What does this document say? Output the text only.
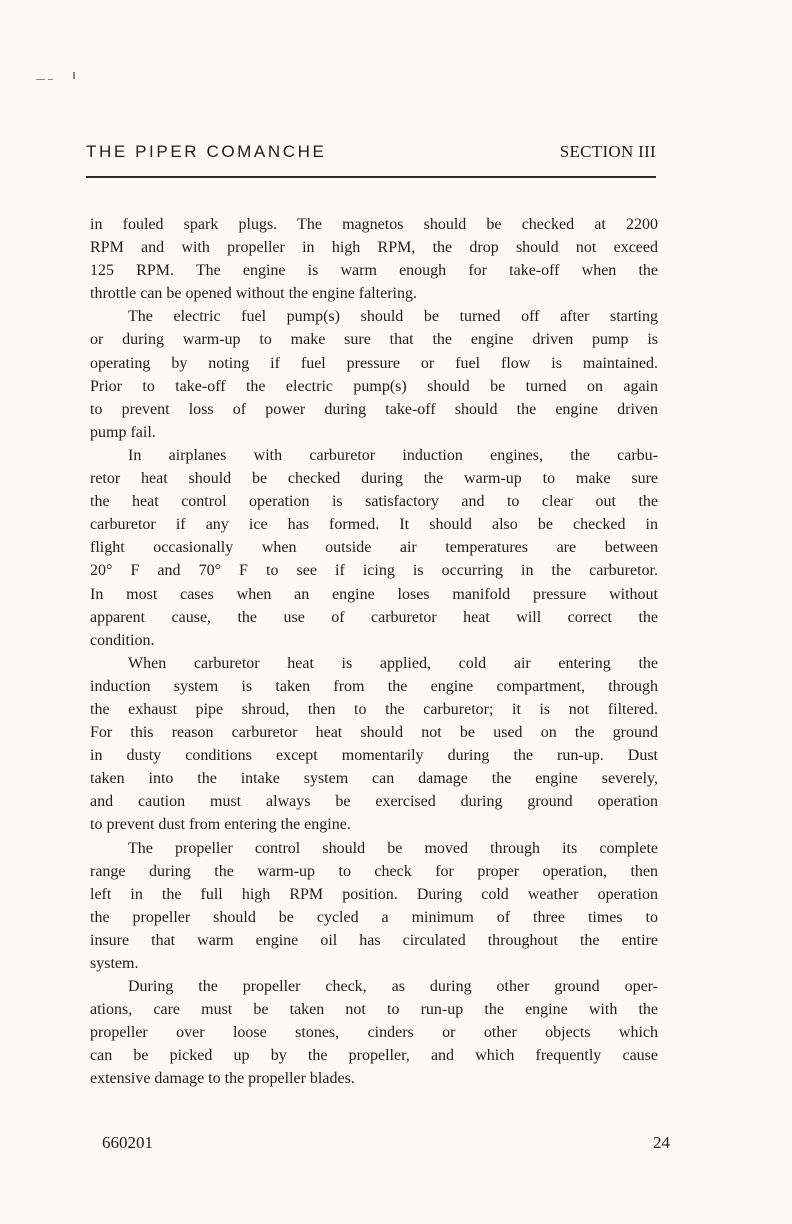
THE PIPER COMANCHE	SECTION III
in fouled spark plugs. The magnetos should be checked at 2200
RPM and with propeller in high RPM, the drop should not exceed
125 RPM. The engine is warm enough for take-off when the
throttle can be opened without the engine faltering.
The electric fuel pump(s) should be turned off after starting
or during warm-up to make sure that the engine driven pump is
operating by noting if fuel pressure or fuel flow is maintained.
Prior to take-off the electric pump(s) should be turned on again
to prevent loss of power during take-off should the engine driven
pump fail.
In airplanes with carburetor induction engines, the carbu-
retor heat should be checked during the warm-up to make sure
the heat control operation is satisfactory and to clear out the
carburetor if any ice has formed. It should also be checked in
flight occasionally when outside air temperatures are between
20° F and 70° F to see if icing is occurring in the carburetor.
In most cases when an engine loses manifold pressure without
apparent cause, the use of carburetor heat will correct the
condition.
When carburetor heat is applied, cold air entering the
induction system is taken from the engine compartment, through
the exhaust pipe shroud, then to the carburetor; it is not filtered.
For this reason carburetor heat should not be used on the ground
in dusty conditions except momentarily during the run-up. Dust
taken into the intake system can damage the engine severely,
and caution must always be exercised during ground operation
to prevent dust from entering the engine.
The propeller control should be moved through its complete
range during the warm-up to check for proper operation, then
left in the full high RPM position. During cold weather operation
the propeller should be cycled a minimum of three times to
insure that warm engine oil has circulated throughout the entire
system.
During the propeller check, as during other ground oper-
ations, care must be taken not to run-up the engine with the
propeller over loose stones, cinders or other objects which
can be picked up by the propeller, and which frequently cause
extensive damage to the propeller blades.
660201	24
